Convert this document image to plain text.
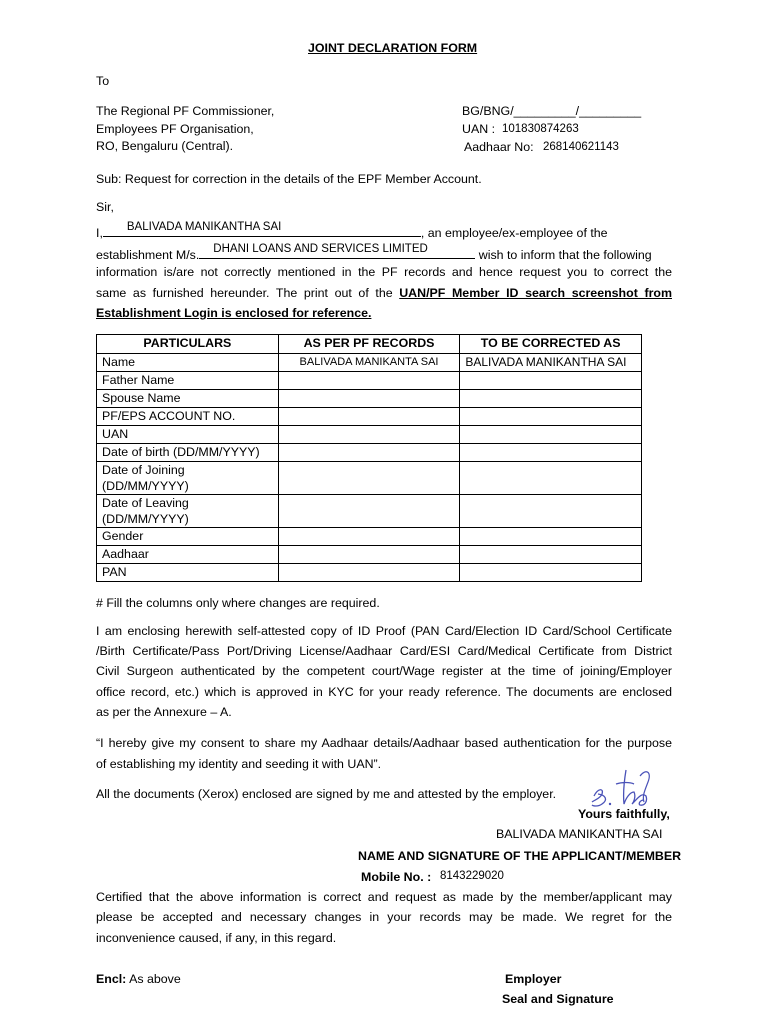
JOINT DECLARATION FORM
To
The Regional PF Commissioner,
Employees PF Organisation,
RO, Bengaluru (Central).
BG/BNG/_________/_________
UAN : 101830874263
Aadhaar No: 268140621143
Sub: Request for correction in the details of the EPF Member Account.
Sir,
I, BALIVADA MANIKANTHA SAI	, an employee/ex-employee of the
establishment M/s. DHANI LOANS AND SERVICES LIMITED	wish to inform that the following
information is/are not correctly mentioned in the PF records and hence request you to correct the
same as furnished hereunder. The print out of the UAN/PF Member ID search screenshot from
Establishment Login is enclosed for reference.
PARTICULARS	AS PER PF RECORDS	TO BE CORRECTED AS
Name	BALIVADA MANIKANTA SAI	BALIVADA MANIKANTHA SAI
Father Name		
Spouse Name		
PF/EPS ACCOUNT NO.		
UAN		
Date of birth (DD/MM/YYYY)		

Date of Joining
(DD/MM/YYYY)		

Date of Leaving
(DD/MM/YYYY)		

Gender		
Aadhaar		
PAN		
# Fill the columns only where changes are required.
I am enclosing herewith self-attested copy of ID Proof (PAN Card/Election ID Card/School Certificate
/Birth Certificate/Pass Port/Driving License/Aadhaar Card/ESI Card/Medical Certificate from District
Civil Surgeon authenticated by the competent court/Wage register at the time of joining/Employer
office record, etc.) which is approved in KYC for your ready reference. The documents are enclosed
as per the Annexure – A.
“I hereby give my consent to share my Aadhaar details/Aadhaar based authentication for the purpose
of establishing my identity and seeding it with UAN”.
All the documents (Xerox) enclosed are signed by me and attested by the employer.
Yours faithfully,
BALIVADA MANIKANTHA SAI
NAME AND SIGNATURE OF THE APPLICANT/MEMBER
Mobile No. : 8143229020
Certified that the above information is correct and request as made by the member/applicant may
please be accepted and necessary changes in your records may be made. We regret for the
inconvenience caused, if any, in this regard.
Encl: As above	Employer
Seal and Signature
